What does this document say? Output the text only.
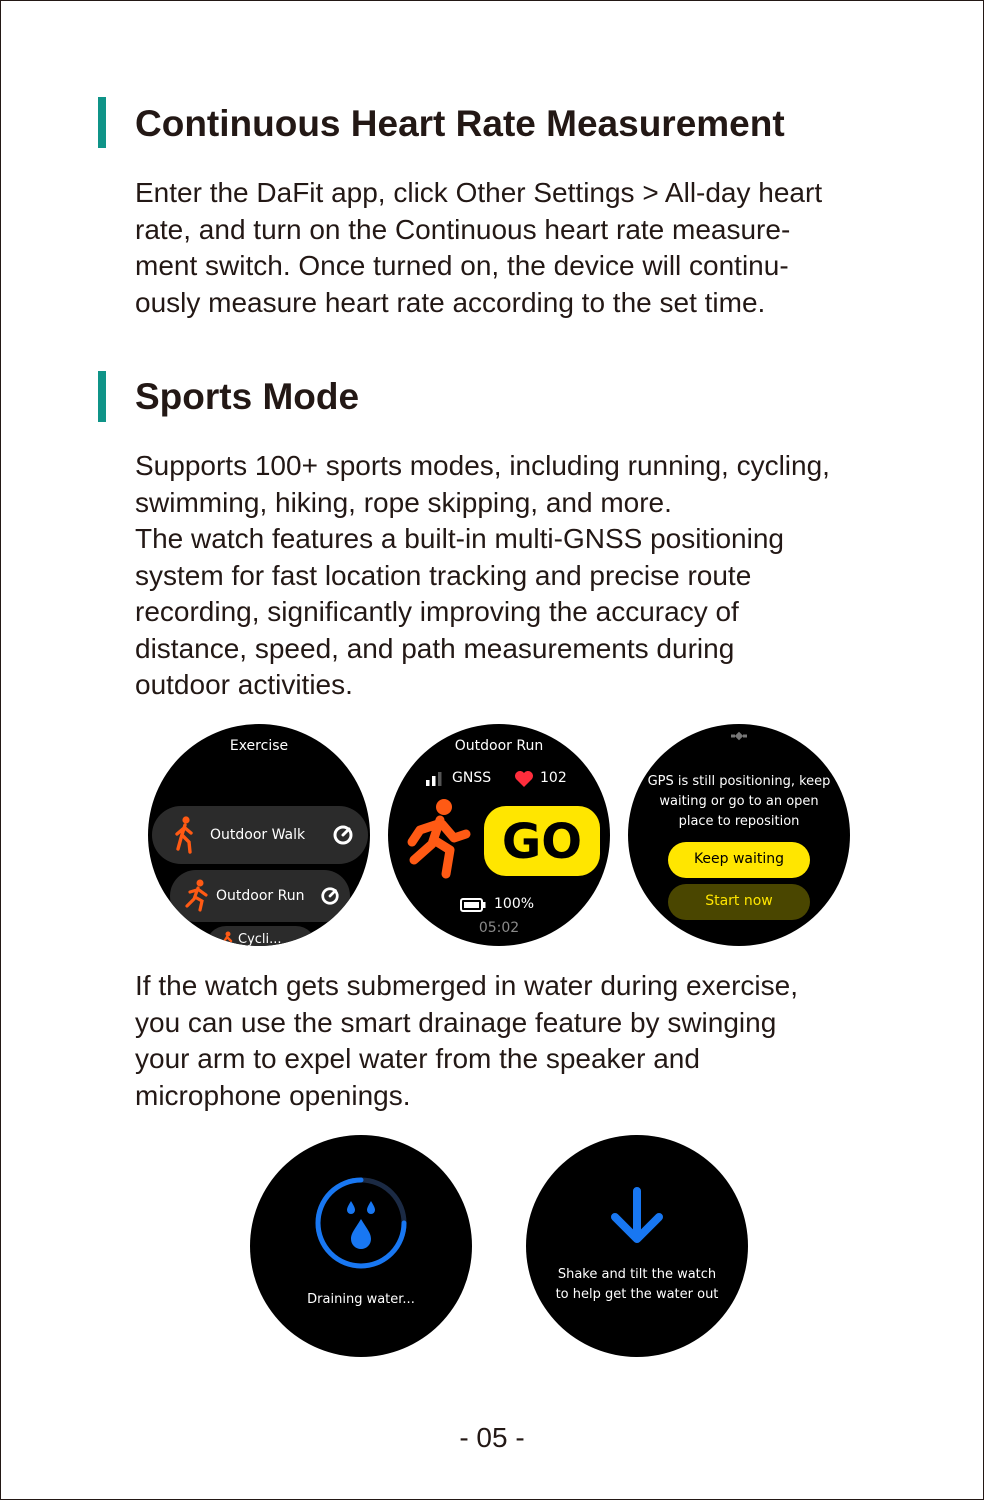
Continuous Heart Rate Measurement
Enter the DaFit app, click Other Settings > All-day heart
rate, and turn on the Continuous heart rate measure-
ment switch. Once turned on, the device will continu-
ously measure heart rate according to the set time.
Sports Mode
Supports 100+ sports modes, including running, cycling,
swimming, hiking, rope skipping, and more.
The watch features a built-in multi-GNSS positioning
system for fast location tracking and precise route
recording, significantly improving the accuracy of
distance, speed, and path measurements during
outdoor activities.
Exercise
Outdoor Walk
Outdoor Run
Cycli...
Outdoor Run
GNSS	102
GO
100%
05:02
GPS is still positioning, keep
waiting or go to an open
place to reposition
Keep waiting
Start now
If the watch gets submerged in water during exercise,
you can use the smart drainage feature by swinging
your arm to expel water from the speaker and
microphone openings.
Draining water...
Shake and tilt the watch
to help get the water out
- 05 -
